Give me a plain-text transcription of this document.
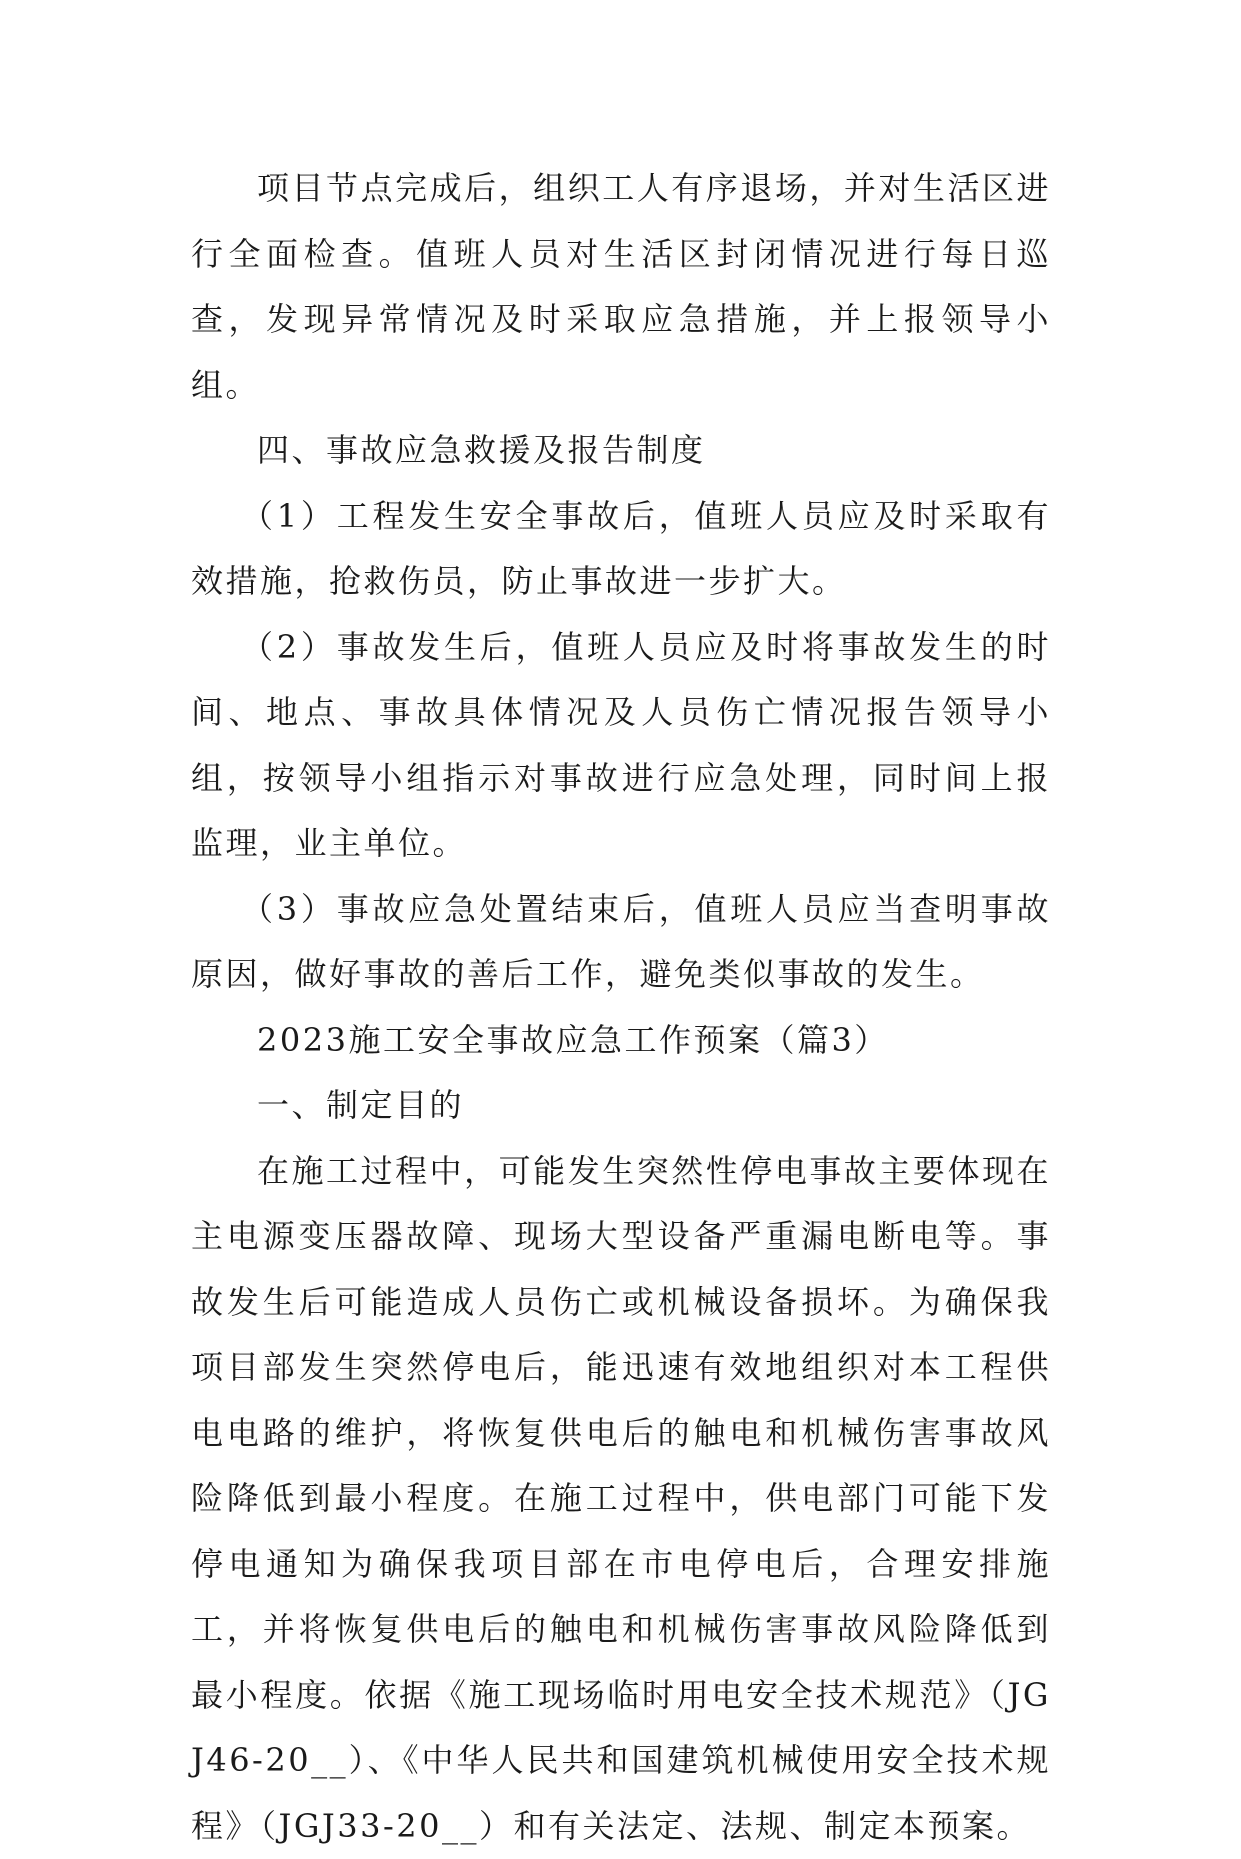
项目节点完成后，组织工人有序退场，并对生活区进行全面检查。值班人员对生活区封闭情况进行每日巡查，发现异常情况及时采取应急措施，并上报领导小组。

四、事故应急救援及报告制度

（1）工程发生安全事故后，值班人员应及时采取有效措施，抢救伤员，防止事故进一步扩大。

（2）事故发生后，值班人员应及时将事故发生的时间、地点、事故具体情况及人员伤亡情况报告领导小组，按领导小组指示对事故进行应急处理，同时间上报监理，业主单位。

（3）事故应急处置结束后，值班人员应当查明事故原因，做好事故的善后工作，避免类似事故的发生。

2023施工安全事故应急工作预案（篇3）

一、制定目的

在施工过程中，可能发生突然性停电事故主要体现在主电源变压器故障、现场大型设备严重漏电断电等。事故发生后可能造成人员伤亡或机械设备损坏。为确保我项目部发生突然停电后，能迅速有效地组织对本工程供电电路的维护，将恢复供电后的触电和机械伤害事故风险降低到最小程度。在施工过程中，供电部门可能下发停电通知为确保我项目部在市电停电后，合理安排施工，并将恢复供电后的触电和机械伤害事故风险降低到最小程度。依据《施工现场临时用电安全技术规范》（JGJ46-20__）、《中华人民共和国建筑机械使用安全技术规程》（JGJ33-20__）和有关法定、法规、制定本预案。
